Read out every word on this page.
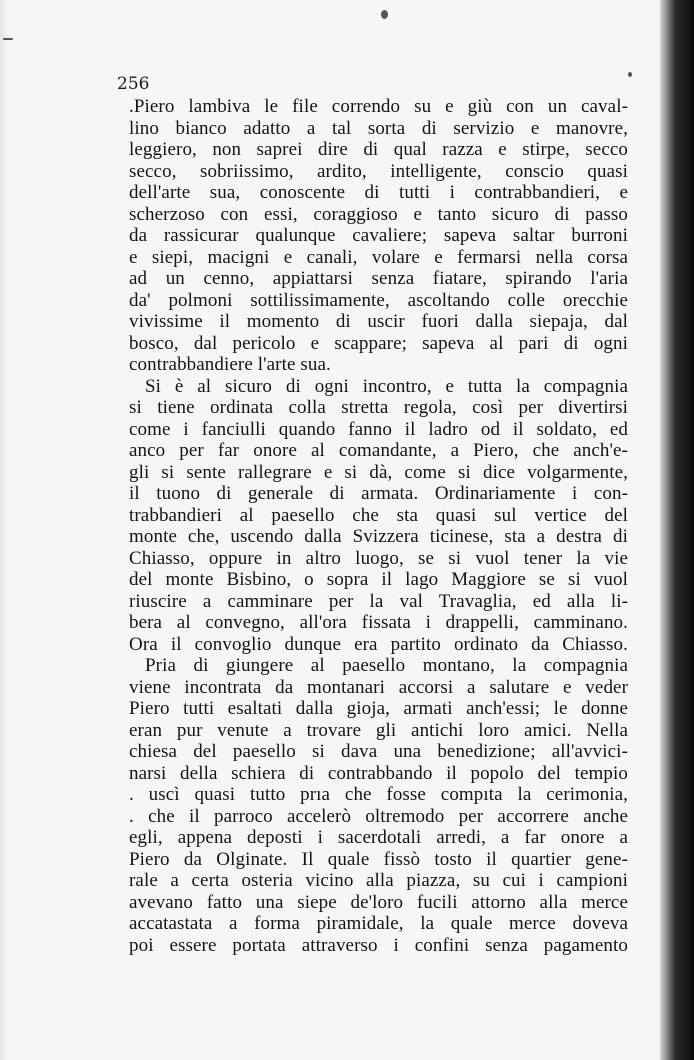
256

.Piero lambiva le file correndo su e giù con un caval-
lino bianco adatto a tal sorta di servizio e manovre,
leggiero, non saprei dire di qual razza e stirpe, secco
secco, sobriissimo, ardito, intelligente, conscio quasi
dell'arte sua, conoscente di tutti i contrabbandieri, e
scherzoso con essi, coraggioso e tanto sicuro di passo
da rassicurar qualunque cavaliere; sapeva saltar burroni
e siepi, macigni e canali, volare e fermarsi nella corsa
ad un cenno, appiattarsi senza fiatare, spirando l'aria
da' polmoni sottilissimamente, ascoltando colle orecchie
vivissime il momento di uscir fuori dalla siepaja, dal
bosco, dal pericolo e scappare; sapeva al pari di ogni
contrabbandiere l'arte sua.
Si è al sicuro di ogni incontro, e tutta la compagnia
si tiene ordinata colla stretta regola, così per divertirsi
come i fanciulli quando fanno il ladro od il soldato, ed
anco per far onore al comandante, a Piero, che anch'e-
gli si sente rallegrare e si dà, come si dice volgarmente,
il tuono di generale di armata. Ordinariamente i con-
trabbandieri al paesello che sta quasi sul vertice del
monte che, uscendo dalla Svizzera ticinese, sta a destra di
Chiasso, oppure in altro luogo, se si vuol tener la vie
del monte Bisbino, o sopra il lago Maggiore se si vuol
riuscire a camminare per la val Travaglia, ed alla li-
bera al convegno, all'ora fissata i drappelli, camminano.
Ora il convoglio dunque era partito ordinato da Chiasso.
Pria di giungere al paesello montano, la compagnia
viene incontrata da montanari accorsi a salutare e veder
Piero tutti esaltati dalla gioja, armati anch'essi; le donne
eran pur venute a trovare gli antichi loro amici. Nella
chiesa del paesello si dava una benedizione; all'avvici-
narsi della schiera di contrabbando il popolo del tempio
. uscì quasi tutto prıa che fosse compıta la cerimonia,
. che il parroco accelerò oltremodo per accorrere anche
egli, appena deposti i sacerdotali arredi, a far onore a
Piero da Olginate. Il quale fissò tosto il quartier gene-
rale a certa osteria vicino alla piazza, su cui i campioni
avevano fatto una siepe de'loro fucili attorno alla merce
accatastata a forma piramidale, la quale merce doveva
poi essere portata attraverso i confini senza pagamento
